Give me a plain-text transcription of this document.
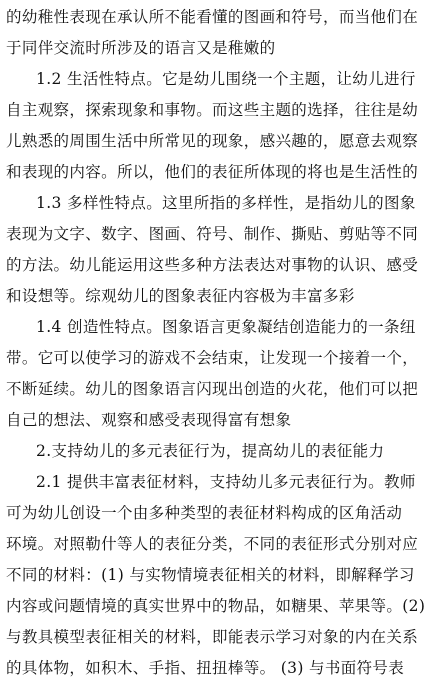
的幼稚性表现在承认所不能看懂的图画和符号，而当他们在
于同伴交流时所涉及的语言又是稚嫩的
1.2 生活性特点。它是幼儿围绕一个主题，让幼儿进行
自主观察，探索现象和事物。而这些主题的选择，往往是幼
儿熟悉的周围生活中所常见的现象，感兴趣的，愿意去观察
和表现的内容。所以，他们的表征所体现的将也是生活性的
1.3 多样性特点。这里所指的多样性，是指幼儿的图象
表现为文字、数字、图画、符号、制作、撕贴、剪贴等不同
的方法。幼儿能运用这些多种方法表达对事物的认识、感受
和设想等。综观幼儿的图象表征内容极为丰富多彩
1.4 创造性特点。图象语言更象凝结创造能力的一条纽
带。它可以使学习的游戏不会结束，让发现一个接着一个，
不断延续。幼儿的图象语言闪现出创造的火花，他们可以把
自己的想法、观察和感受表现得富有想象
2.支持幼儿的多元表征行为，提高幼儿的表征能力
2.1 提供丰富表征材料，支持幼儿多元表征行为。教师
可为幼儿创设一个由多种类型的表征材料构成的区角活动
环境。对照勒什等人的表征分类，不同的表征形式分别对应
不同的材料：(1) 与实物情境表征相关的材料，即解释学习
内容或问题情境的真实世界中的物品，如糖果、苹果等。(2)
与教具模型表征相关的材料，即能表示学习对象的内在关系
的具体物，如积木、手指、扭扭棒等。 (3) 与书面符号表
